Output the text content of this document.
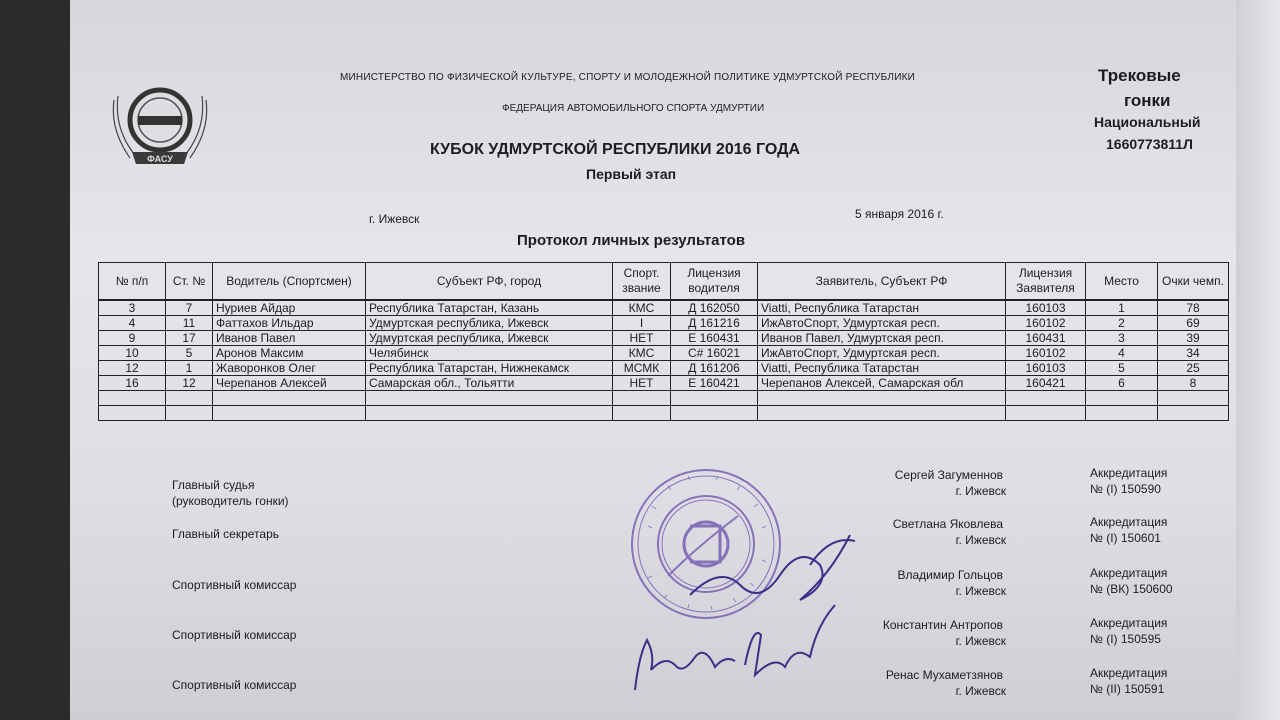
ФАСУ
МИНИСТЕРСТВО ПО ФИЗИЧЕСКОЙ КУЛЬТУРЕ, СПОРТУ И МОЛОДЕЖНОЙ ПОЛИТИКЕ УДМУРТСКОЙ РЕСПУБЛИКИ
ФЕДЕРАЦИЯ АВТОМОБИЛЬНОГО СПОРТА УДМУРТИИ
КУБОК УДМУРТСКОЙ РЕСПУБЛИКИ 2016 ГОДА
Первый этап
г. Ижевск	5 января 2016 г.
Протокол личных результатов
Трековые
гонки
Национальный
1660773811Л
№ п/п	Ст. №	Водитель (Спортсмен)	Субъект РФ, город	Спорт. звание	Лицензия водителя	Заявитель, Субъект РФ	Лицензия Заявителя	Место	Очки чемп.
3	7	Нуриев Айдар	Республика Татарстан, Казань	КМС	Д 162050	Viatti, Республика Татарстан	160103	1	78
4	11	Фаттахов Ильдар	Удмуртская республика, Ижевск	I	Д 161216	ИжАвтоСпорт, Удмуртская респ.	160102	2	69
9	17	Иванов Павел	Удмуртская республика, Ижевск	НЕТ	Е 160431	Иванов Павел, Удмуртская респ.	160431	3	39
10	5	Аронов Максим	Челябинск	КМС	С# 16021	ИжАвтоСпорт, Удмуртская респ.	160102	4	34
12	1	Жаворонков Олег	Республика Татарстан, Нижнекамск	МСМК	Д 161206	Viatti, Республика Татарстан	160103	5	25
16	12	Черепанов Алексей	Самарская обл., Тольятти	НЕТ	Е 160421	Черепанов Алексей, Самарская обл	160421	6	8

Главный судья
(руководитель гонки)
Сергей Загуменнов
г. Ижевск
Аккредитация
№ (I) 150590
Главный секретарь
Светлана Яковлева
г. Ижевск
Аккредитация
№ (I) 150601
Спортивный комиссар
Владимир Гольцов
г. Ижевск
Аккредитация
№ (ВК) 150600
Спортивный комиссар
Константин Антропов
г. Ижевск
Аккредитация
№ (I) 150595
Спортивный комиссар
Ренас Мухаметзянов
г. Ижевск
Аккредитация
№ (II) 150591
